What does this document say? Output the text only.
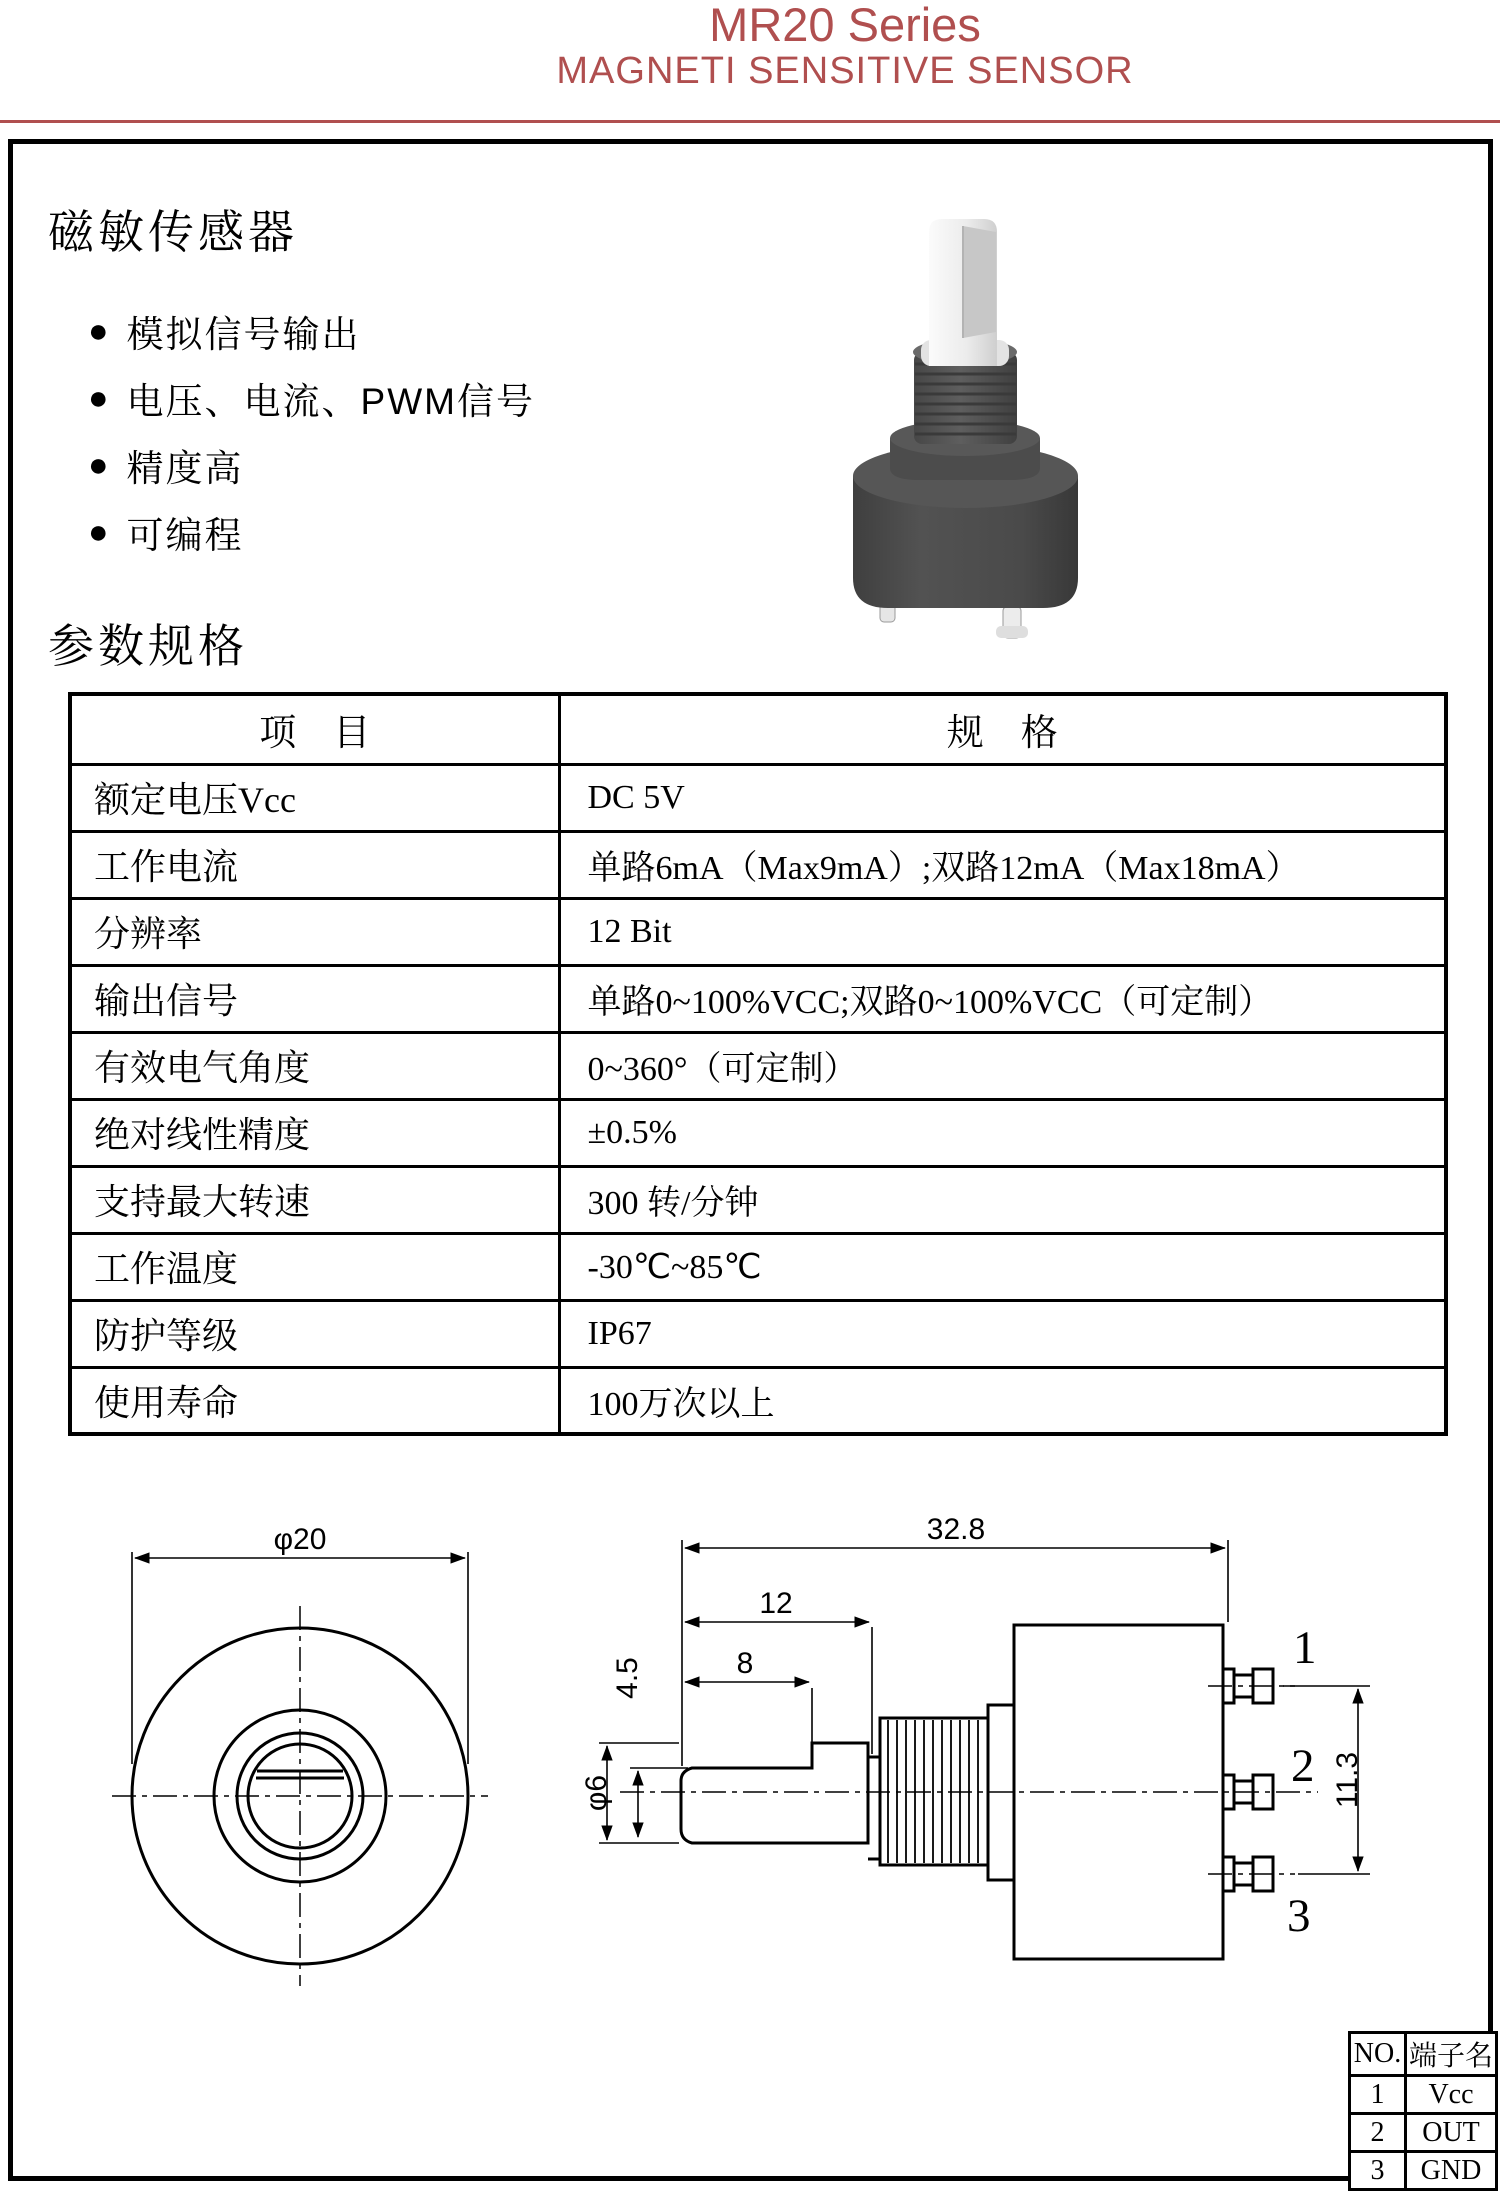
MR20 Series
MAGNETI SENSITIVE SENSOR
磁敏传感器
● 模拟信号输出
● 电压、电流、PWM信号
● 精度高
● 可编程
参数规格
项　目	规　格
额定电压Vcc	DC 5V
工作电流	单路6mA（Max9mA）;双路12mA（Max18mA）
分辨率	12 Bit
输出信号	单路0~100%VCC;双路0~100%VCC（可定制）
有效电气角度	0~360°（可定制）
绝对线性精度	±0.5%
支持最大转速	300 转/分钟
工作温度	-30℃~85℃
防护等级	IP67
使用寿命	100万次以上
φ20
1
2
3
32.8
12
8
4.5
φ6	11.3
NO.	端子名
1	Vcc
2	OUT
3	GND
